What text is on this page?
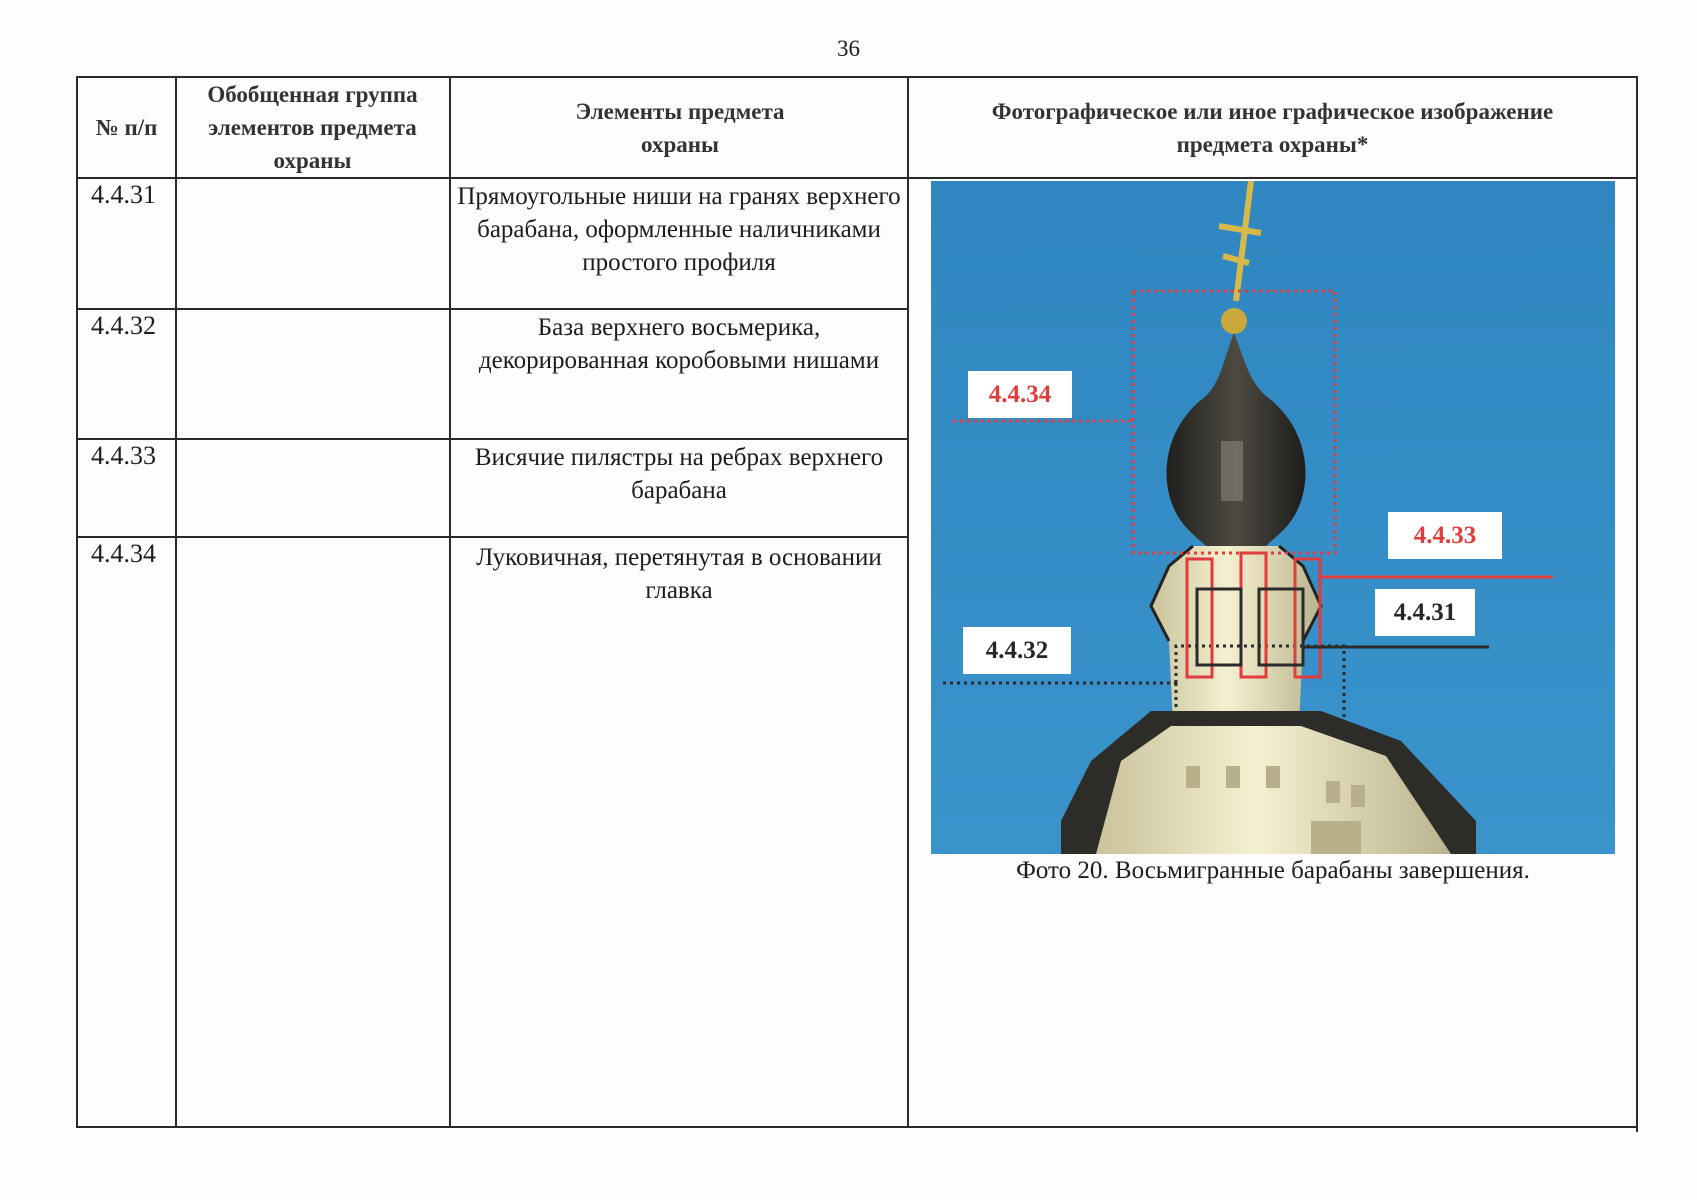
36
№ п/п
Обобщенная группа элементов предмета охраны
Элементы предмета охраны
Фотографическое или иное графическое изображение предмета охраны*
4.4.31
4.4.32
4.4.33
4.4.34
Прямоугольные ниши на гранях верхнего барабана, оформленные наличниками простого профиля
База верхнего восьмерика, декорированная коробовыми нишами
Висячие пилястры на ребрах верхнего барабана
Луковичная, перетянутая в основании главка
4.4.34
4.4.33
4.4.31
4.4.32
Фото 20. Восьмигранные барабаны завершения.
